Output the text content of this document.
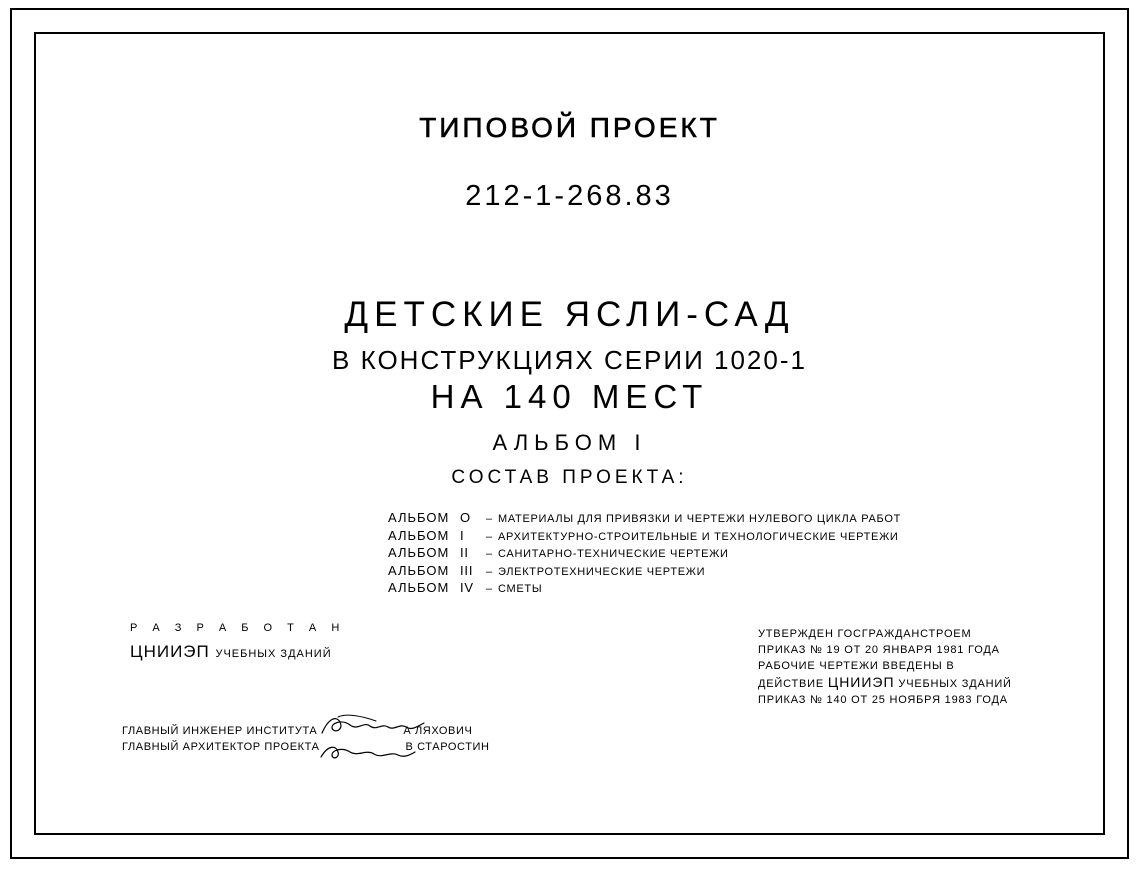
ТИПОВОЙ ПРОЕКТ
212-1-268.83
ДЕТСКИЕ ЯСЛИ-САД
В КОНСТРУКЦИЯХ СЕРИИ 1020-1
НА 140 МЕСТ
АЛЬБОМ I
СОСТАВ ПРОЕКТА:
АЛЬБОМ О – МАТЕРИАЛЫ ДЛЯ ПРИВЯЗКИ И ЧЕРТЕЖИ НУЛЕВОГО ЦИКЛА РАБОТ
АЛЬБОМ I – АРХИТЕКТУРНО-СТРОИТЕЛЬНЫЕ И ТЕХНОЛОГИЧЕСКИЕ ЧЕРТЕЖИ
АЛЬБОМ II – САНИТАРНО-ТЕХНИЧЕСКИЕ ЧЕРТЕЖИ
АЛЬБОМ III – ЭЛЕКТРОТЕХНИЧЕСКИЕ ЧЕРТЕЖИ
АЛЬБОМ IV – СМЕТЫ
Р А З Р А Б О Т А Н
ЦНИИЭП УЧЕБНЫХ ЗДАНИЙ
УТВЕРЖДЕН ГОСГРАЖДАНСТРОЕМ
ПРИКАЗ № 19 ОТ 20 ЯНВАРЯ 1981 ГОДА
РАБОЧИЕ ЧЕРТЕЖИ ВВЕДЕНЫ В
ДЕЙСТВИЕ ЦНИИЭП УЧЕБНЫХ ЗДАНИЙ
ПРИКАЗ № 140 ОТ 25 НОЯБРЯ 1983 ГОДА
ГЛАВНЫЙ ИНЖЕНЕР ИНСТИТУТА	А ЛЯХОВИЧ
ГЛАВНЫЙ АРХИТЕКТОР ПРОЕКТА	В СТАРОСТИН
